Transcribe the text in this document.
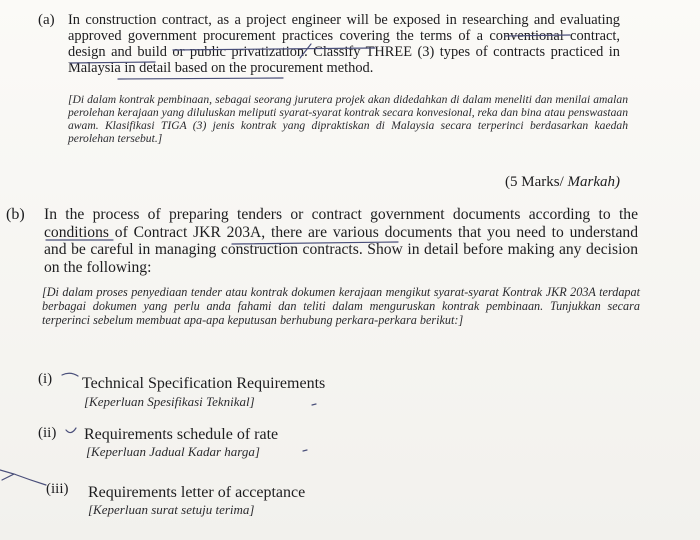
(a) In construction contract, as a project engineer will be exposed in researching and evaluating approved government procurement practices covering the terms of a conventional contract, design and build or public privatization. Classify THREE (3) types of contracts practiced in Malaysia in detail based on the procurement method.
[Di dalam kontrak pembinaan, sebagai seorang jurutera projek akan didedahkan di dalam meneliti dan menilai amalan perolehan kerajaan yang diluluskan meliputi syarat-syarat kontrak secara konvesional, reka dan bina atau penswastaan awam. Klasifikasi TIGA (3) jenis kontrak yang dipraktiskan di Malaysia secara terperinci berdasarkan kaedah perolehan tersebut.]
(5 Marks/ Markah)
(b) In the process of preparing tenders or contract government documents according to the conditions of Contract JKR 203A, there are various documents that you need to understand and be careful in managing construction contracts. Show in detail before making any decision on the following:
[Di dalam proses penyediaan tender atau kontrak dokumen kerajaan mengikut syarat-syarat Kontrak JKR 203A terdapat berbagai dokumen yang perlu anda fahami dan teliti dalam menguruskan kontrak pembinaan. Tunjukkan secara terperinci sebelum membuat apa-apa keputusan berhubung perkara-perkara berikut:]
(i) Technical Specification Requirements
[Keperluan Spesifikasi Teknikal]
(ii) Requirements schedule of rate
[Keperluan Jadual Kadar harga]
(iii) Requirements letter of acceptance
[Keperluan surat setuju terima]
